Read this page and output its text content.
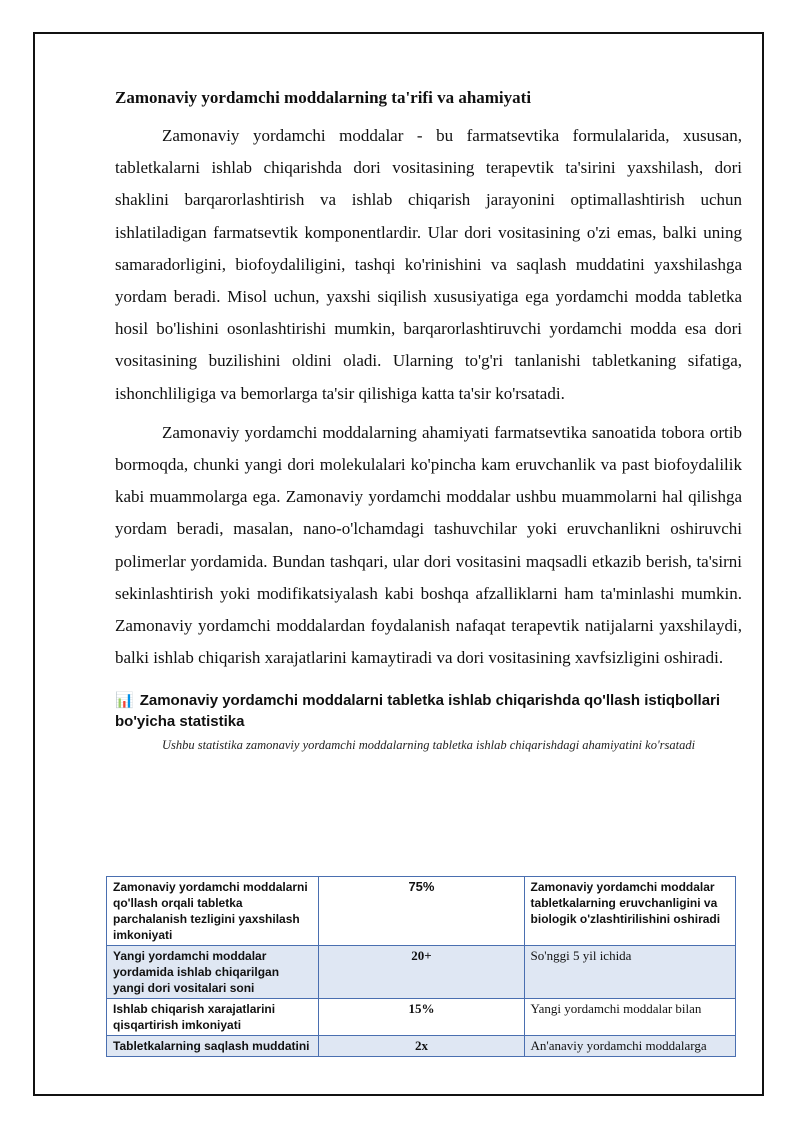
Zamonaviy yordamchi moddalarning ta'rifi va ahamiyati

Zamonaviy yordamchi moddalar - bu farmatsevtika formulalarida, xususan, tabletkalarni ishlab chiqarishda dori vositasining terapevtik ta'sirini yaxshilash, dori shaklini barqarorlashtirish va ishlab chiqarish jarayonini optimallashtirish uchun ishlatiladigan farmatsevtik komponentlardir. Ular dori vositasining o'zi emas, balki uning samaradorligini, biofoydaliligini, tashqi ko'rinishini va saqlash muddatini yaxshilashga yordam beradi. Misol uchun, yaxshi siqilish xususiyatiga ega yordamchi modda tabletka hosil bo'lishini osonlashtirishi mumkin, barqarorlashtiruvchi yordamchi modda esa dori vositasining buzilishini oldini oladi. Ularning to'g'ri tanlanishi tabletkaning sifatiga, ishonchliligiga va bemorlarga ta'sir qilishiga katta ta'sir ko'rsatadi.

Zamonaviy yordamchi moddalarning ahamiyati farmatsevtika sanoatida tobora ortib bormoqda, chunki yangi dori molekulalari ko'pincha kam eruvchanlik va past biofoydalilik kabi muammolarga ega. Zamonaviy yordamchi moddalar ushbu muammolarni hal qilishga yordam beradi, masalan, nano-o'lchamdagi tashuvchilar yoki eruvchanlikni oshiruvchi polimerlar yordamida. Bundan tashqari, ular dori vositasini maqsadli etkazib berish, ta'sirni sekinlashtirish yoki modifikatsiyalash kabi boshqa afzalliklarni ham ta'minlashi mumkin. Zamonaviy yordamchi moddalardan foydalanish nafaqat terapevtik natijalarni yaxshilaydi, balki ishlab chiqarish xarajatlarini kamaytiradi va dori vositasining xavfsizligini oshiradi.

📊 Zamonaviy yordamchi moddalarni tabletka ishlab chiqarishda qo'llash istiqbollari bo'yicha statistika
Ushbu statistika zamonaviy yordamchi moddalarning tabletka ishlab chiqarishdagi ahamiyatini ko'rsatadi
Zamonaviy yordamchi moddalarni qo'llash orqali tabletka parchalanish tezligini yaxshilash imkoniyati	75%	Zamonaviy yordamchi moddalar tabletkalarning eruvchanligini va biologik o'zlashtirilishini oshiradi
Yangi yordamchi moddalar yordamida ishlab chiqarilgan yangi dori vositalari soni	20+	So'nggi 5 yil ichida
Ishlab chiqarish xarajatlarini qisqartirish imkoniyati	15%	Yangi yordamchi moddalar bilan
Tabletkalarning saqlash muddatini	2x	An'anaviy yordamchi moddalarga
